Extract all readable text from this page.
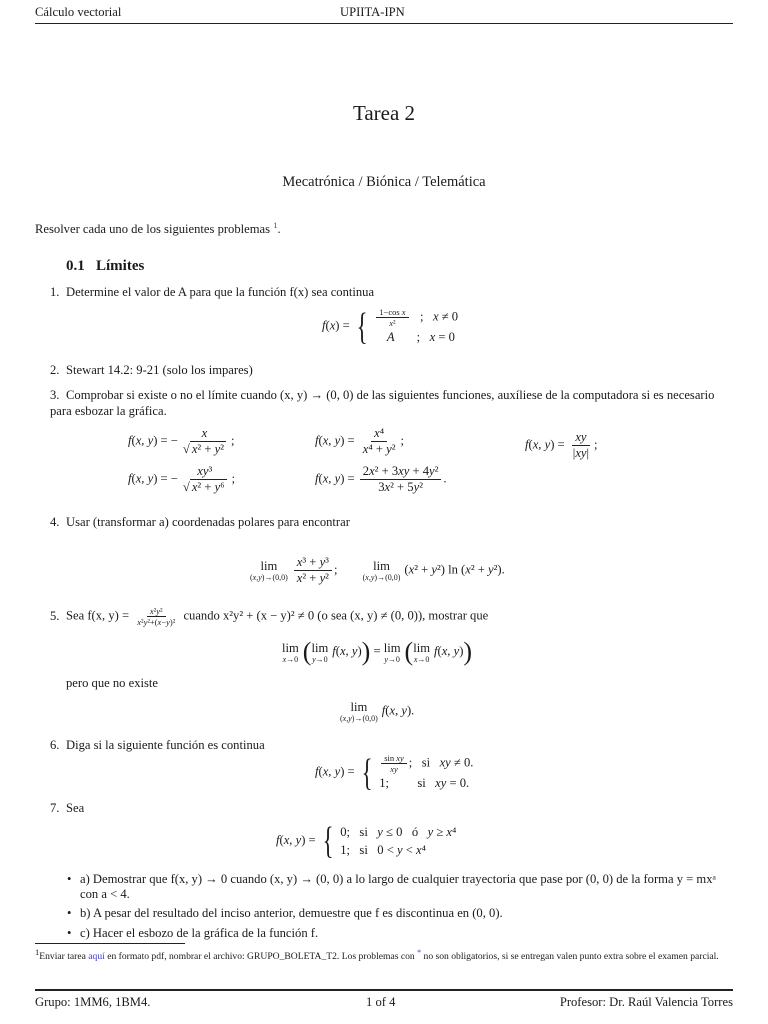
Cálculo vectorial	UPIITA-IPN
Tarea 2
Mecatrónica / Biónica / Telemática
Resolver cada uno de los siguientes problemas $^1$.
0.1 Límites
1. Determine el valor de A para que la función f(x) sea continua
f(x) = { $\frac{\text{1−cos x}}{\text{x²}}$ ;   x ≠ 0
A       ;   x = 0
2. Stewart 14.2: 9-21 (solo los impares)
3. Comprobar si existe o no el límite cuando (x, y) → (0, 0) de las siguientes funciones, auxíliese de la computadora si es necesario para esbozar la gráfica.
f(x, y) = − $\frac{x}{\text{√ x² + y²}}$ ;	f(x, $y) = \frac{\text{x⁴}}{\text{x⁴ + y²}}$ ;	f(x, $y) = \frac{xy}{|xy|}$ ;
f(x, y) = − $\frac{\text{xy³}}{\text{√ x² + y⁶}}$ ;	f(x, $y) = \frac{\text{2x² + 3xy + 4y²}}{\text{3x² + 5y²}}$ .
4. Usar (transformar a) coordenadas polares para encontrar
lim
$(x,y)\to(0,0) \frac{\text{x³ + y³}}{\text{x² + y²}}$ ; lim
(x,y)→(0,0)
(x² + y²) ln (x² + y²).
5. Sea f(x, $y) = \frac{\text{x²y²}}{\text{x²y²+(x−y)²}}$ cuando x²y² + (x − y)² ≠ 0 (o sea (x, y) ≠ (0, 0)), mostrar que
lim
x→0 ( lim
y→0
f(x, y)) = lim
y→0 ( lim
x→0
f(x, y))
pero que no existe
lim
(x,y)→(0,0)
f(x, y).
6. Diga si la siguiente función es continua
f(x, y) = { $\frac{\text{sin xy}}{xy}$ ;   si   xy ≠ 0.
1;         si   xy = 0.
7. Sea
f(x, y) = { 0;   si   y ≤ 0   ó   y ≥ x⁴
1;   si   0 < y < x⁴
• a) Demostrar que f(x, y) → 0 cuando (x, y) → (0, 0) a lo largo de cualquier trayectoria que pase por (0, 0) de la forma y = mxᵃ con a < 4.
• b) A pesar del resultado del inciso anterior, demuestre que f es discontinua en (0, 0).
• c) Hacer el esbozo de la gráfica de la función f.
$^1$Enviar tarea aquí en formato pdf, nombrar el archivo: GRUPO_BOLETA_T2. Los problemas con * no son obligatorios, si se entregan valen punto extra sobre el examen parcial.
Grupo: 1MM6, 1BM4.	1 of 4	Profesor: Dr. Raúl Valencia Torres
